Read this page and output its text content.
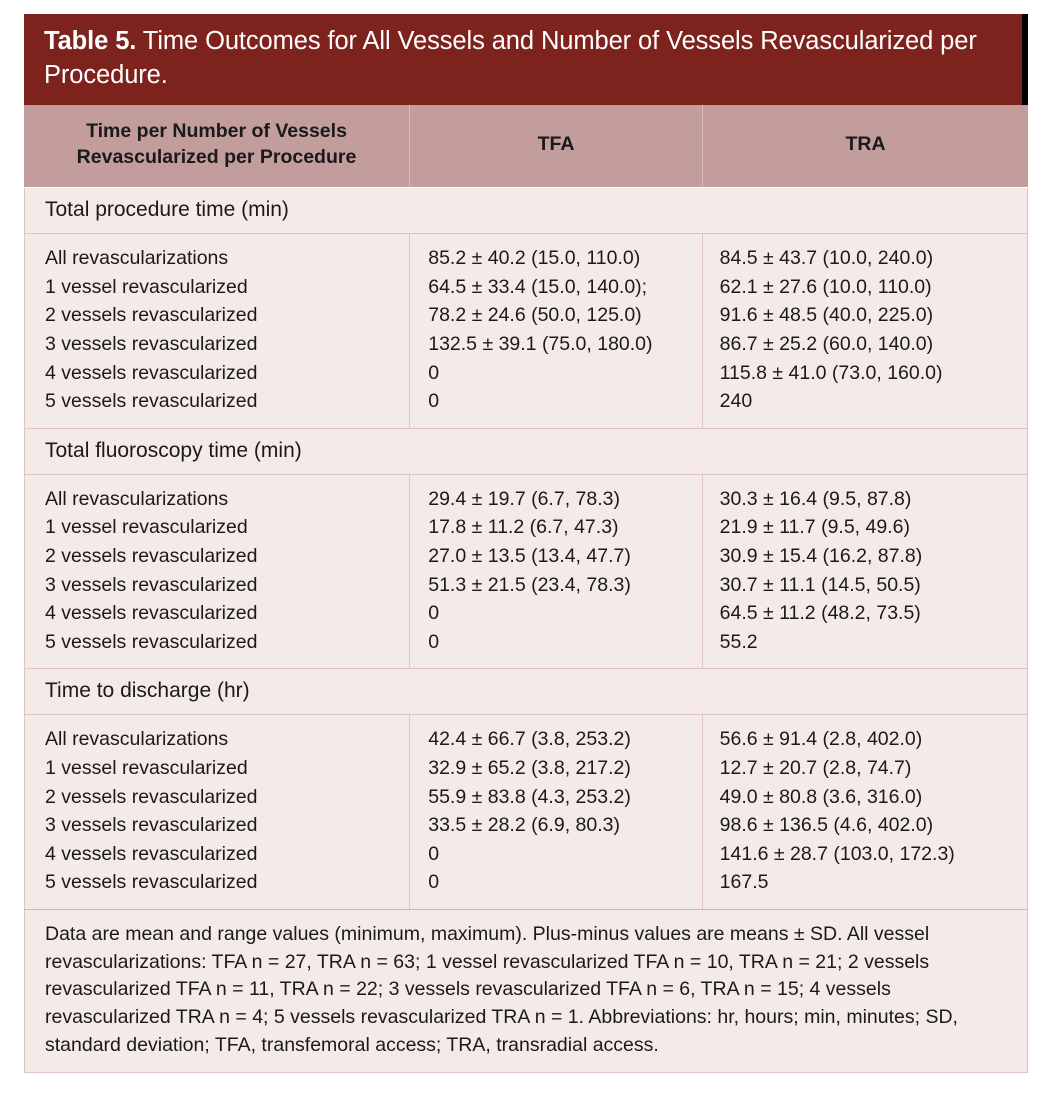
Table 5. Time Outcomes for All Vessels and Number of Vessels Revascularized per Procedure.
Time per Number of Vessels Revascularized per Procedure
TFA	TRA
Total procedure time (min)
All revascularizations
1 vessel revascularized
2 vessels revascularized
3 vessels revascularized
4 vessels revascularized
5 vessels revascularized
85.2 ± 40.2 (15.0, 110.0)
64.5 ± 33.4 (15.0, 140.0);
78.2 ± 24.6 (50.0, 125.0)
132.5 ± 39.1 (75.0, 180.0)
0
0
84.5 ± 43.7 (10.0, 240.0)
62.1 ± 27.6 (10.0, 110.0)
91.6 ± 48.5 (40.0, 225.0)
86.7 ± 25.2 (60.0, 140.0)
115.8 ± 41.0 (73.0, 160.0)
240
Total fluoroscopy time (min)
All revascularizations
1 vessel revascularized
2 vessels revascularized
3 vessels revascularized
4 vessels revascularized
5 vessels revascularized
29.4 ± 19.7 (6.7, 78.3)
17.8 ± 11.2 (6.7, 47.3)
27.0 ± 13.5 (13.4, 47.7)
51.3 ± 21.5 (23.4, 78.3)
0
0
30.3 ± 16.4 (9.5, 87.8)
21.9 ± 11.7 (9.5, 49.6)
30.9 ± 15.4 (16.2, 87.8)
30.7 ± 11.1 (14.5, 50.5)
64.5 ± 11.2 (48.2, 73.5)
55.2
Time to discharge (hr)
All revascularizations
1 vessel revascularized
2 vessels revascularized
3 vessels revascularized
4 vessels revascularized
5 vessels revascularized
42.4 ± 66.7 (3.8, 253.2)
32.9 ± 65.2 (3.8, 217.2)
55.9 ± 83.8 (4.3, 253.2)
33.5 ± 28.2 (6.9, 80.3)
0
0
56.6 ± 91.4 (2.8, 402.0)
12.7 ± 20.7 (2.8, 74.7)
49.0 ± 80.8 (3.6, 316.0)
98.6 ± 136.5 (4.6, 402.0)
141.6 ± 28.7 (103.0, 172.3)
167.5
Data are mean and range values (minimum, maximum). Plus-minus values are means ± SD. All vessel revascularizations: TFA n = 27, TRA n = 63; 1 vessel revascularized TFA n = 10, TRA n = 21; 2 vessels revascularized TFA n = 11, TRA n = 22; 3 vessels revascularized TFA n = 6, TRA n = 15; 4 vessels revascularized TRA n = 4; 5 vessels revascularized TRA n = 1. Abbreviations: hr, hours; min, minutes; SD, standard deviation; TFA, transfemoral access; TRA, transradial access.
